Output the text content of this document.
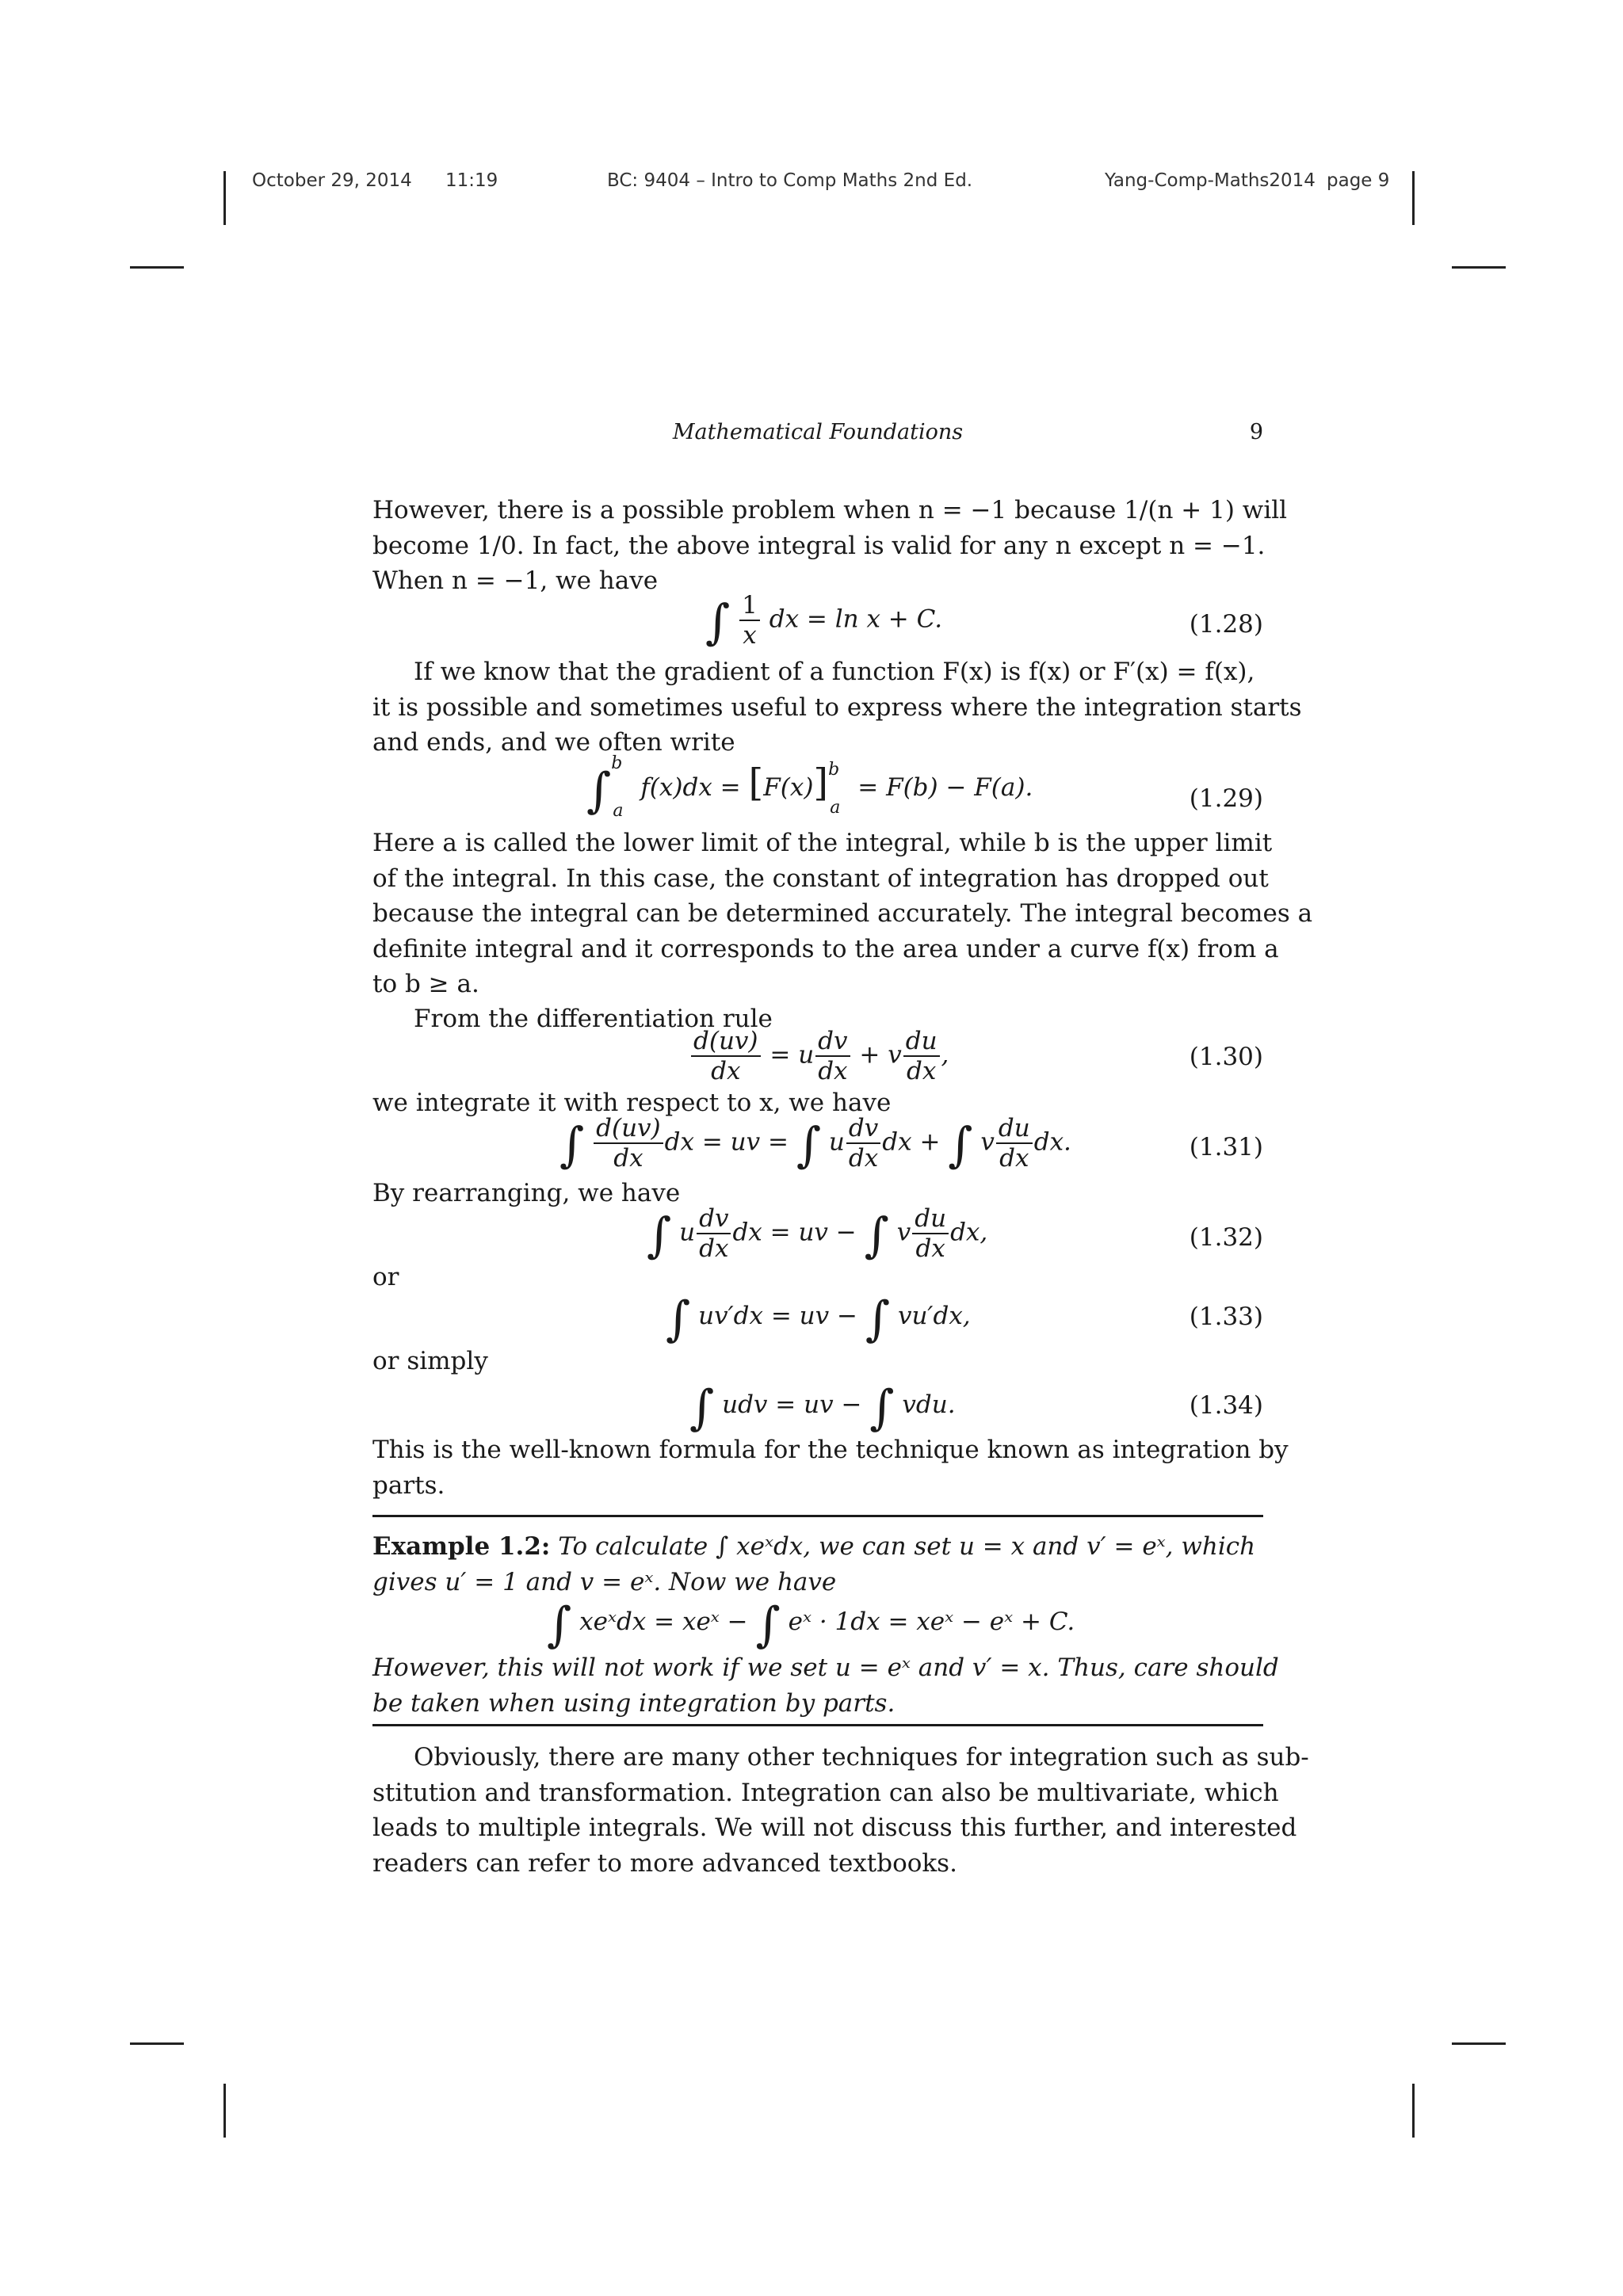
October 29, 2014 11:19	BC: 9404 – Intro to Comp Maths 2nd Ed.	Yang-Comp-Maths2014 page 9
Mathematical Foundations	9
However, there is a possible problem when n = −1 because 1/(n + 1) will
become 1/0. In fact, the above integral is valid for any n except n = −1.
When n = −1, we have
∫ $\frac{1}{x}$ dx = ln x + C.	(1.28)
If we know that the gradient of a function F(x) is f(x) or F′(x) = f(x),
it is possible and sometimes useful to express where the integration starts
and ends, and we often write
∫$^b_a$ $f(x)dx = [F(x)]^b_a = F(b) - F(a)$.	(1.29)
Here a is called the lower limit of the integral, while b is the upper limit
of the integral. In this case, the constant of integration has dropped out
because the integral can be determined accurately. The integral becomes a
definite integral and it corresponds to the area under a curve f(x) from a
to b ≥ a.
From the differentiation rule
$\frac{d(uv)}{dx} = u \frac{dv}{dx} + v \frac{du}{dx}$ ,	(1.30)
we integrate it with respect to x, we have
∫ $\frac{d(uv)}{dx}$ dx = uv = ∫ u $\frac{dv}{dx}$ dx + ∫ v $\frac{du}{dx}$ dx.	(1.31)
By rearranging, we have
∫ u $\frac{dv}{dx}$ dx = uv − ∫ v $\frac{du}{dx}$ dx,	(1.32)
or
∫ uv′dx = uv − ∫ vu′dx,	(1.33)
or simply
∫ udv = uv − ∫ vdu.	(1.34)
This is the well-known formula for the technique known as integration by
parts.
Example 1.2: To calculate ∫ xeˣdx, we can set u = x and v′ = eˣ, which
gives u′ = 1 and v = eˣ. Now we have
∫ xeˣdx = xeˣ − ∫ eˣ · 1dx = xeˣ − eˣ + C.
However, this will not work if we set u = eˣ and v′ = x. Thus, care should
be taken when using integration by parts.
Obviously, there are many other techniques for integration such as sub-
stitution and transformation. Integration can also be multivariate, which
leads to multiple integrals. We will not discuss this further, and interested
readers can refer to more advanced textbooks.
